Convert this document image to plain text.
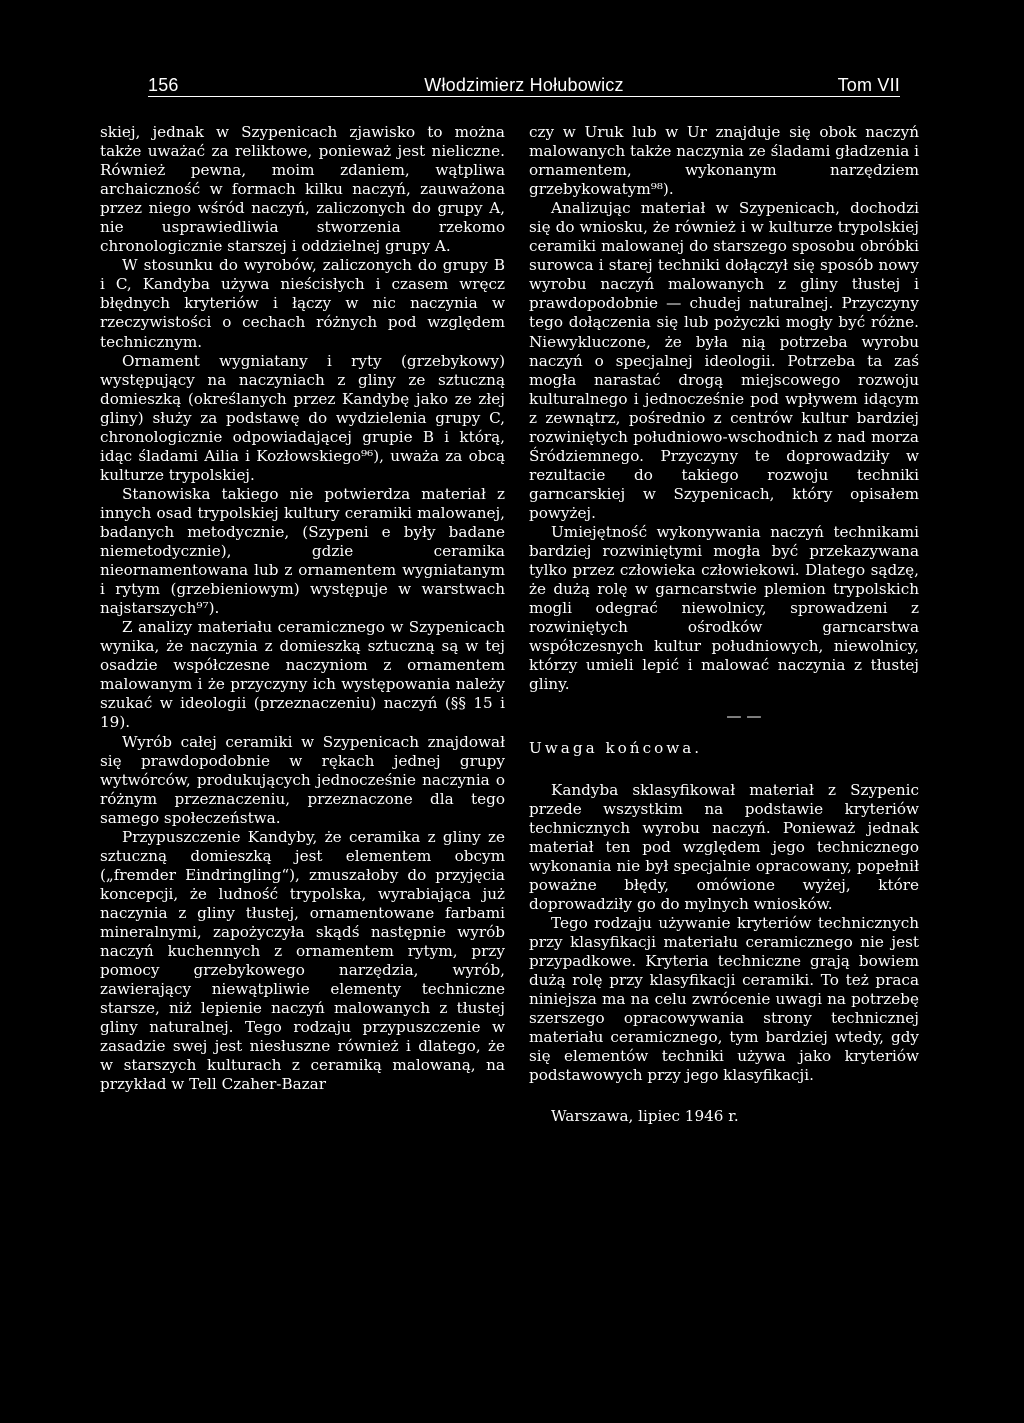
156	Włodzimierz Hołubowicz	Tom VII

skiej, jednak w Szypenicach zjawisko to można także uważać za reliktowe, ponieważ jest nieliczne. Również pewna, moim zdaniem, wątpliwa archaiczność w formach kilku naczyń, zauważona przez niego wśród naczyń, zaliczonych do grupy A, nie usprawiedliwia stworzenia rzekomo chronologicznie starszej i oddzielnej grupy A.

W stosunku do wyrobów, zaliczonych do grupy B i C, Kandyba używa nieścisłych i czasem wręcz błędnych kryteriów i łączy w nic naczynia w rzeczywistości o cechach różnych pod względem technicznym.

Ornament wygniatany i ryty (grzebykowy) występujący na naczyniach z gliny ze sztuczną domieszką (określanych przez Kandybę jako ze złej gliny) służy za podstawę do wydzielenia grupy C, chronologicznie odpowiadającej grupie B i którą, idąc śladami Ailia i Kozłowskiego⁹⁶), uważa za obcą kulturze trypolskiej.

Stanowiska takiego nie potwierdza materiał z innych osad trypolskiej kultury ceramiki malowanej, badanych metodycznie, (Szypeni e były badane niemetodycznie), gdzie ceramika nieornamentowana lub z ornamentem wygniatanym i rytym (grzebieniowym) występuje w warstwach najstarszych⁹⁷).

Z analizy materiału ceramicznego w Szypenicach wynika, że naczynia z domieszką sztuczną są w tej osadzie współczesne naczyniom z ornamentem malowanym i że przyczyny ich występowania należy szukać w ideologii (przeznaczeniu) naczyń (§§ 15 i 19).

Wyrób całej ceramiki w Szypenicach znajdował się prawdopodobnie w rękach jednej grupy wytwórców, produkujących jednocześnie naczynia o różnym przeznaczeniu, przeznaczone dla tego samego społeczeństwa.

Przypuszczenie Kandyby, że ceramika z gliny ze sztuczną domieszką jest elementem obcym („fremder Eindringling“), zmuszałoby do przyjęcia koncepcji, że ludność trypolska, wyrabiająca już naczynia z gliny tłustej, ornamentowane farbami mineralnymi, zapożyczyła skądś następnie wyrób naczyń kuchennych z ornamentem rytym, przy pomocy grzebykowego narzędzia, wyrób, zawierający niewątpliwie elementy techniczne starsze, niż lepienie naczyń malowanych z tłustej gliny naturalnej. Tego rodzaju przypuszczenie w zasadzie swej jest niesłuszne również i dlatego, że w starszych kulturach z ceramiką malowaną, na przykład w Tell Czaher-Bazar

czy w Uruk lub w Ur znajduje się obok naczyń malowanych także naczynia ze śladami gładzenia i ornamentem, wykonanym narzędziem grzebykowatym⁹⁸).

Analizując materiał w Szypenicach, dochodzi się do wniosku, że również i w kulturze trypolskiej ceramiki malowanej do starszego sposobu obróbki surowca i starej techniki dołączył się sposób nowy wyrobu naczyń malowanych z gliny tłustej i prawdopodobnie — chudej naturalnej. Przyczyny tego dołączenia się lub pożyczki mogły być różne. Niewykluczone, że była nią potrzeba wyrobu naczyń o specjalnej ideologii. Potrzeba ta zaś mogła narastać drogą miejscowego rozwoju kulturalnego i jednocześnie pod wpływem idącym z zewnątrz, pośrednio z centrów kultur bardziej rozwiniętych południowo-wschodnich z nad morza Śródziemnego. Przyczyny te doprowadziły w rezultacie do takiego rozwoju techniki garncarskiej w Szypenicach, który opisałem powyżej.

Umiejętność wykonywania naczyń technikami bardziej rozwiniętymi mogła być przekazywana tylko przez człowieka człowiekowi. Dlatego sądzę, że dużą rolę w garncarstwie plemion trypolskich mogli odegrać niewolnicy, sprowadzeni z rozwiniętych ośrodków garncarstwa współczesnych kultur południowych, niewolnicy, którzy umieli lepić i malować naczynia z tłustej gliny.

— —

Uwaga końcowa.

Kandyba sklasyfikował materiał z Szypenic przede wszystkim na podstawie kryteriów technicznych wyrobu naczyń. Ponieważ jednak materiał ten pod względem jego technicznego wykonania nie był specjalnie opracowany, popełnił poważne błędy, omówione wyżej, które doprowadziły go do mylnych wniosków.

Tego rodzaju używanie kryteriów technicznych przy klasyfikacji materiału ceramicznego nie jest przypadkowe. Kryteria techniczne grają bowiem dużą rolę przy klasyfikacji ceramiki. To też praca niniejsza ma na celu zwrócenie uwagi na potrzebę szerszego opracowywania strony technicznej materiału ceramicznego, tym bardziej wtedy, gdy się elementów techniki używa jako kryteriów podstawowych przy jego klasyfikacji.

Warszawa, lipiec 1946 r.
